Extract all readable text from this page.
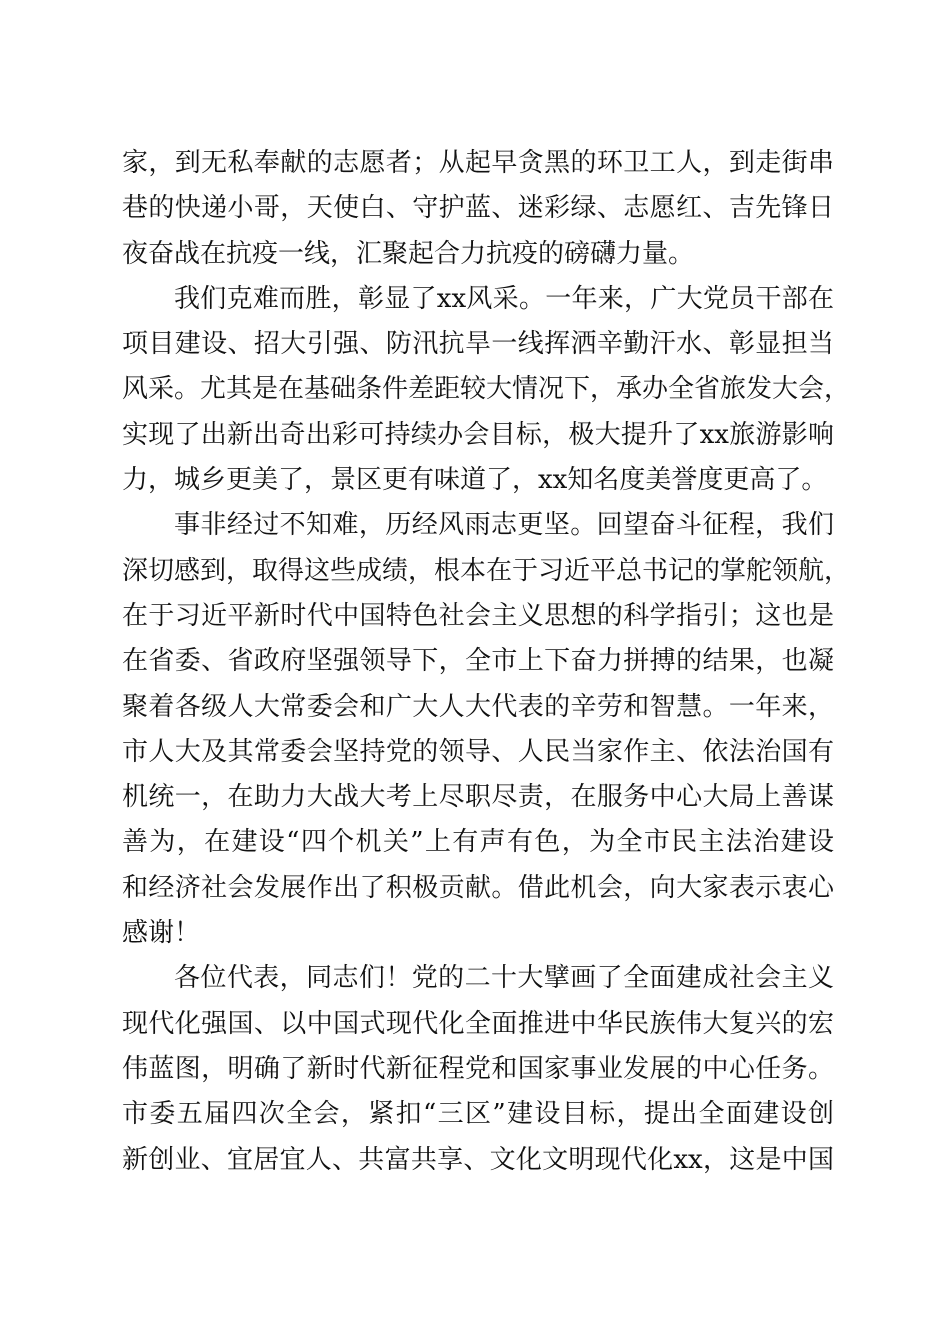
家，到无私奉献的志愿者；从起早贪黑的环卫工人，到走街串
巷的快递小哥，天使白、守护蓝、迷彩绿、志愿红、吉先锋日
夜奋战在抗疫一线，汇聚起合力抗疫的磅礴力量。
我们克难而胜，彰显了xx风采。一年来，广大党员干部在
项目建设、招大引强、防汛抗旱一线挥洒辛勤汗水、彰显担当
风采。尤其是在基础条件差距较大情况下，承办全省旅发大会，
实现了出新出奇出彩可持续办会目标，极大提升了xx旅游影响
力，城乡更美了，景区更有味道了，xx知名度美誉度更高了。
事非经过不知难，历经风雨志更坚。回望奋斗征程，我们
深切感到，取得这些成绩，根本在于习近平总书记的掌舵领航，
在于习近平新时代中国特色社会主义思想的科学指引；这也是
在省委、省政府坚强领导下，全市上下奋力拼搏的结果，也凝
聚着各级人大常委会和广大人大代表的辛劳和智慧。一年来，
市人大及其常委会坚持党的领导、人民当家作主、依法治国有
机统一，在助力大战大考上尽职尽责，在服务中心大局上善谋
善为，在建设“四个机关”上有声有色，为全市民主法治建设
和经济社会发展作出了积极贡献。借此机会，向大家表示衷心
感谢！
各位代表，同志们！党的二十大擘画了全面建成社会主义
现代化强国、以中国式现代化全面推进中华民族伟大复兴的宏
伟蓝图，明确了新时代新征程党和国家事业发展的中心任务。
市委五届四次全会，紧扣“三区”建设目标，提出全面建设创
新创业、宜居宜人、共富共享、文化文明现代化xx，这是中国
